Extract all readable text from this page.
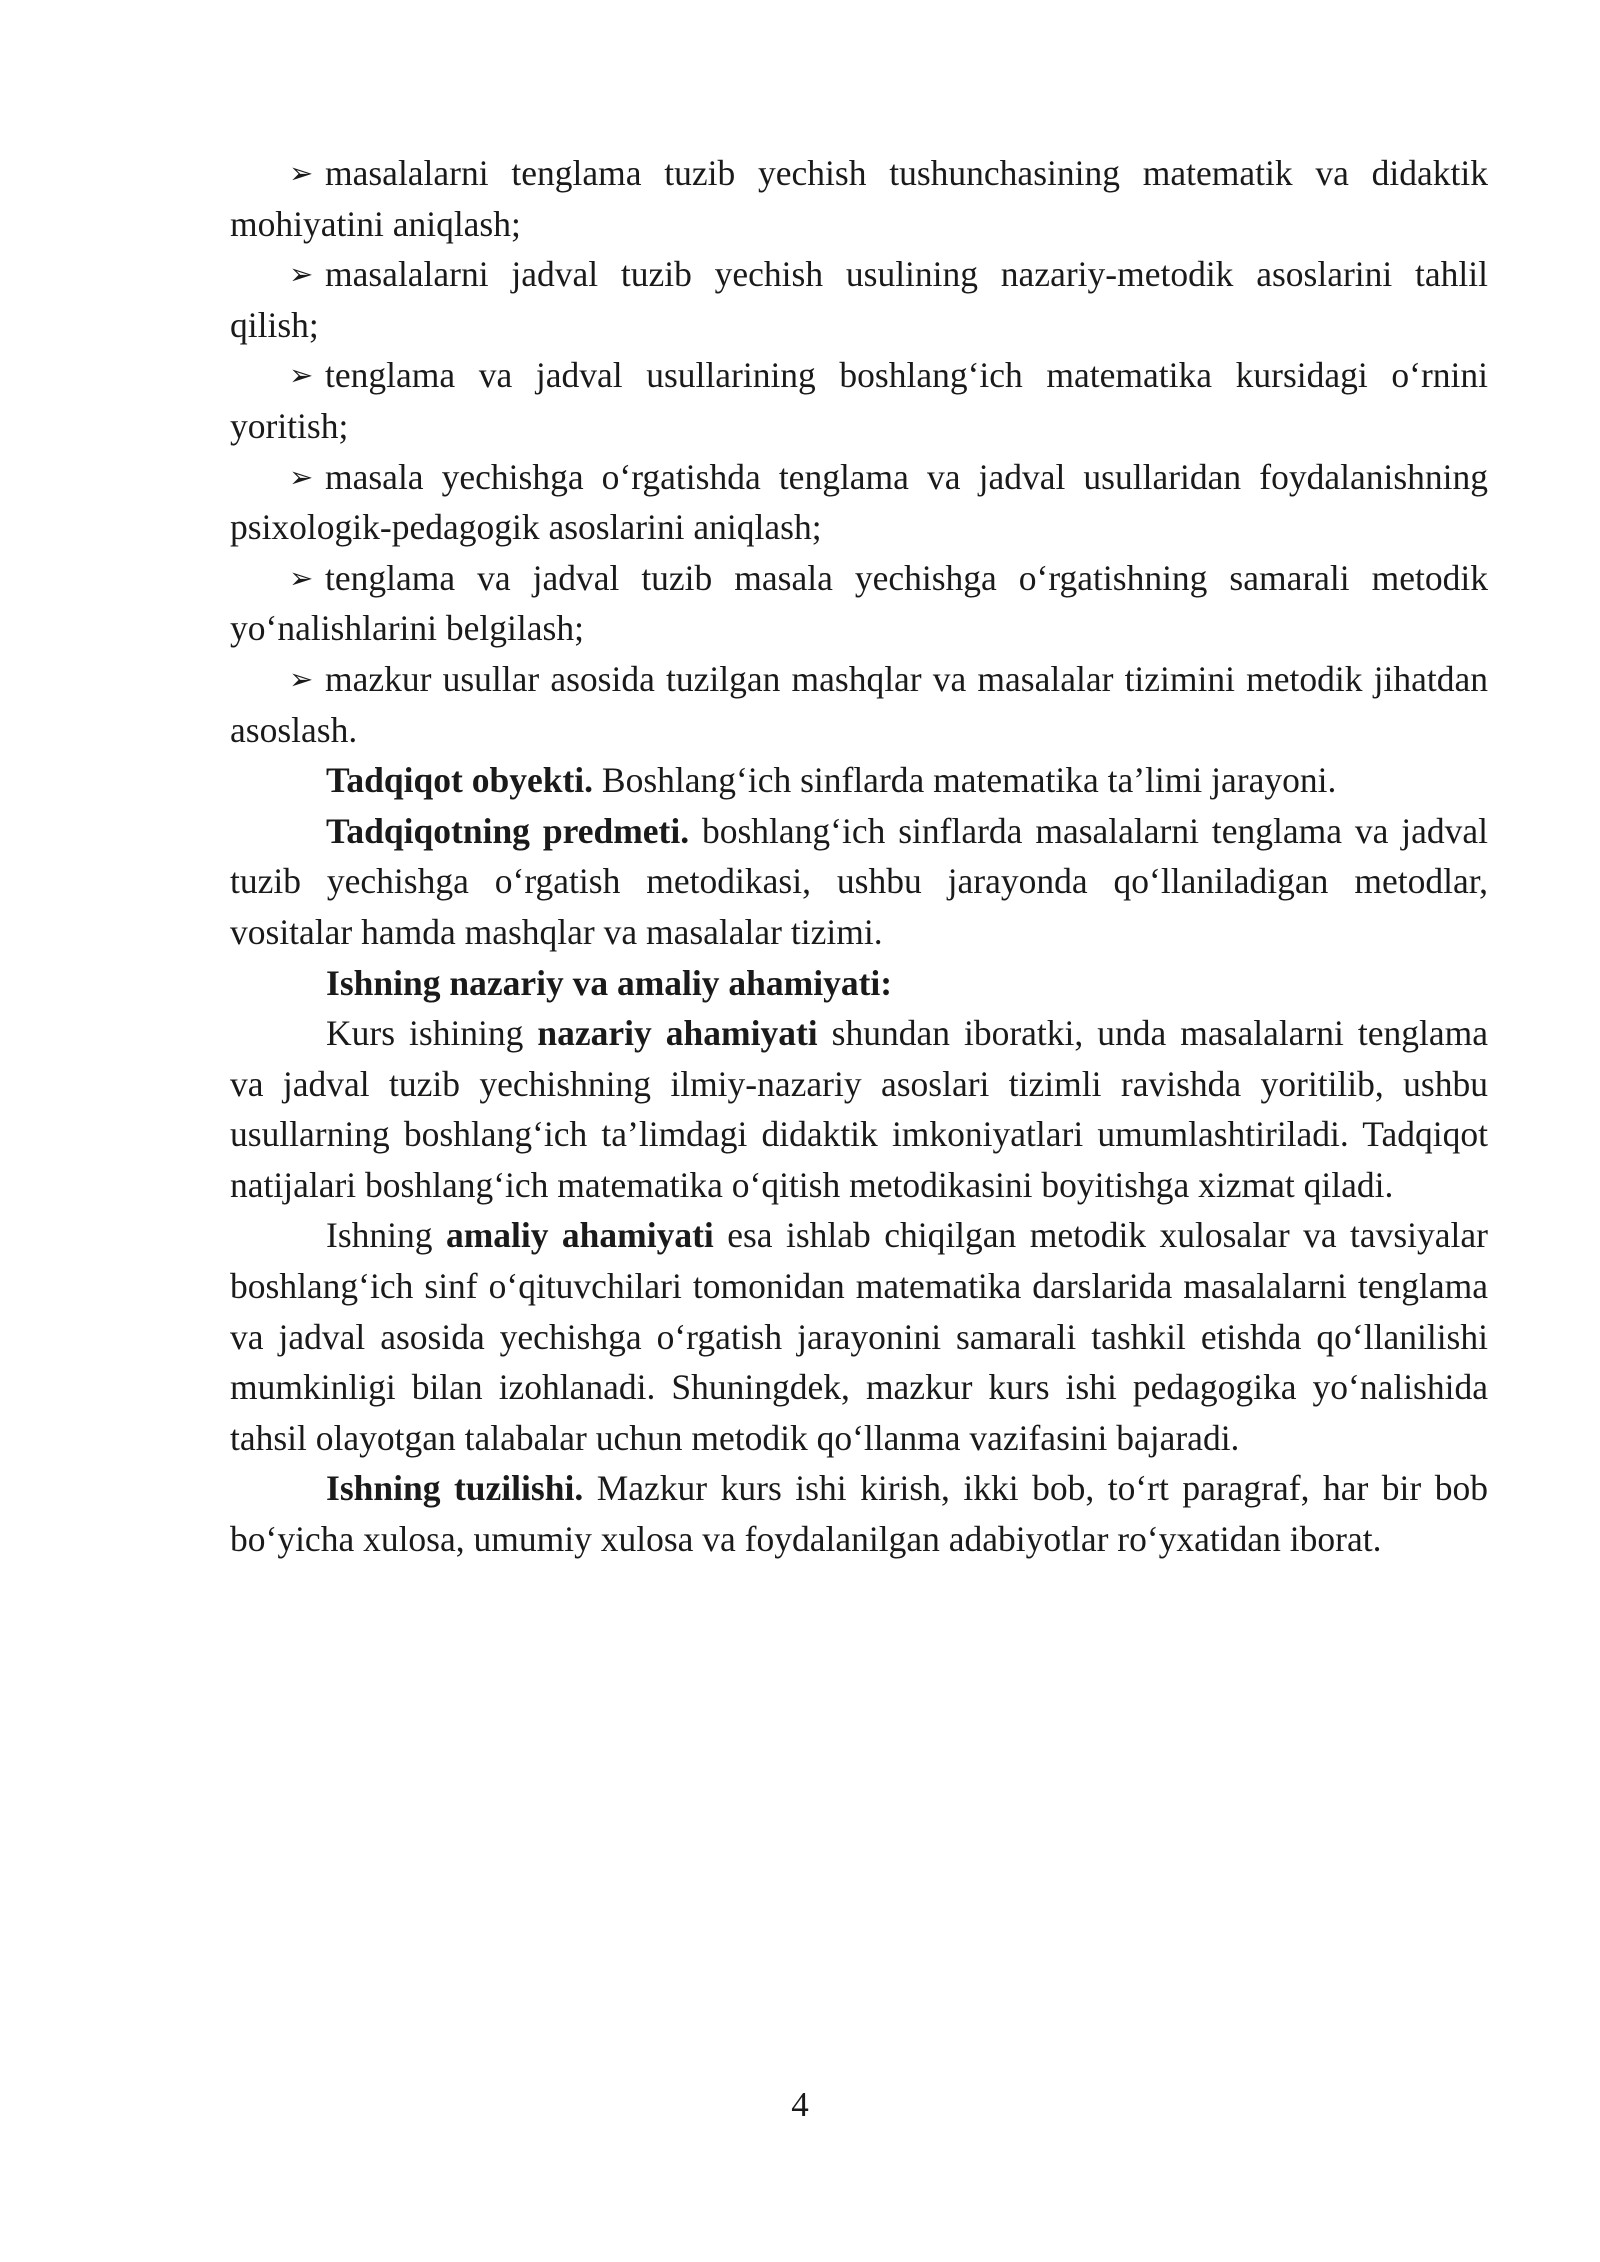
➢ masalalarni tenglama tuzib yechish tushunchasining matematik va didaktik mohiyatini aniqlash;

➢ masalalarni jadval tuzib yechish usulining nazariy-metodik asoslarini tahlil qilish;

➢ tenglama va jadval usullarining boshlang‘ich matematika kursidagi o‘rnini yoritish;

➢ masala yechishga o‘rgatishda tenglama va jadval usullaridan foydalanishning psixologik-pedagogik asoslarini aniqlash;

➢ tenglama va jadval tuzib masala yechishga o‘rgatishning samarali metodik yo‘nalishlarini belgilash;

➢ mazkur usullar asosida tuzilgan mashqlar va masalalar tizimini metodik jihatdan asoslash.

Tadqiqot obyekti. Boshlang‘ich sinflarda matematika ta’limi jarayoni.

Tadqiqotning predmeti. boshlang‘ich sinflarda masalalarni tenglama va jadval tuzib yechishga o‘rgatish metodikasi, ushbu jarayonda qo‘llaniladigan metodlar, vositalar hamda mashqlar va masalalar tizimi.

Ishning nazariy va amaliy ahamiyati:

Kurs ishining nazariy ahamiyati shundan iboratki, unda masalalarni tenglama va jadval tuzib yechishning ilmiy-nazariy asoslari tizimli ravishda yoritilib, ushbu usullarning boshlang‘ich ta’limdagi didaktik imkoniyatlari umumlashtiriladi. Tadqiqot natijalari boshlang‘ich matematika o‘qitish metodikasini boyitishga xizmat qiladi.

Ishning amaliy ahamiyati esa ishlab chiqilgan metodik xulosalar va tavsiyalar boshlang‘ich sinf o‘qituvchilari tomonidan matematika darslarida masalalarni tenglama va jadval asosida yechishga o‘rgatish jarayonini samarali tashkil etishda qo‘llanilishi mumkinligi bilan izohlanadi. Shuningdek, mazkur kurs ishi pedagogika yo‘nalishida tahsil olayotgan talabalar uchun metodik qo‘llanma vazifasini bajaradi.

Ishning tuzilishi. Mazkur kurs ishi kirish, ikki bob, to‘rt paragraf, har bir bob bo‘yicha xulosa, umumiy xulosa va foydalanilgan adabiyotlar ro‘yxatidan iborat.

4
